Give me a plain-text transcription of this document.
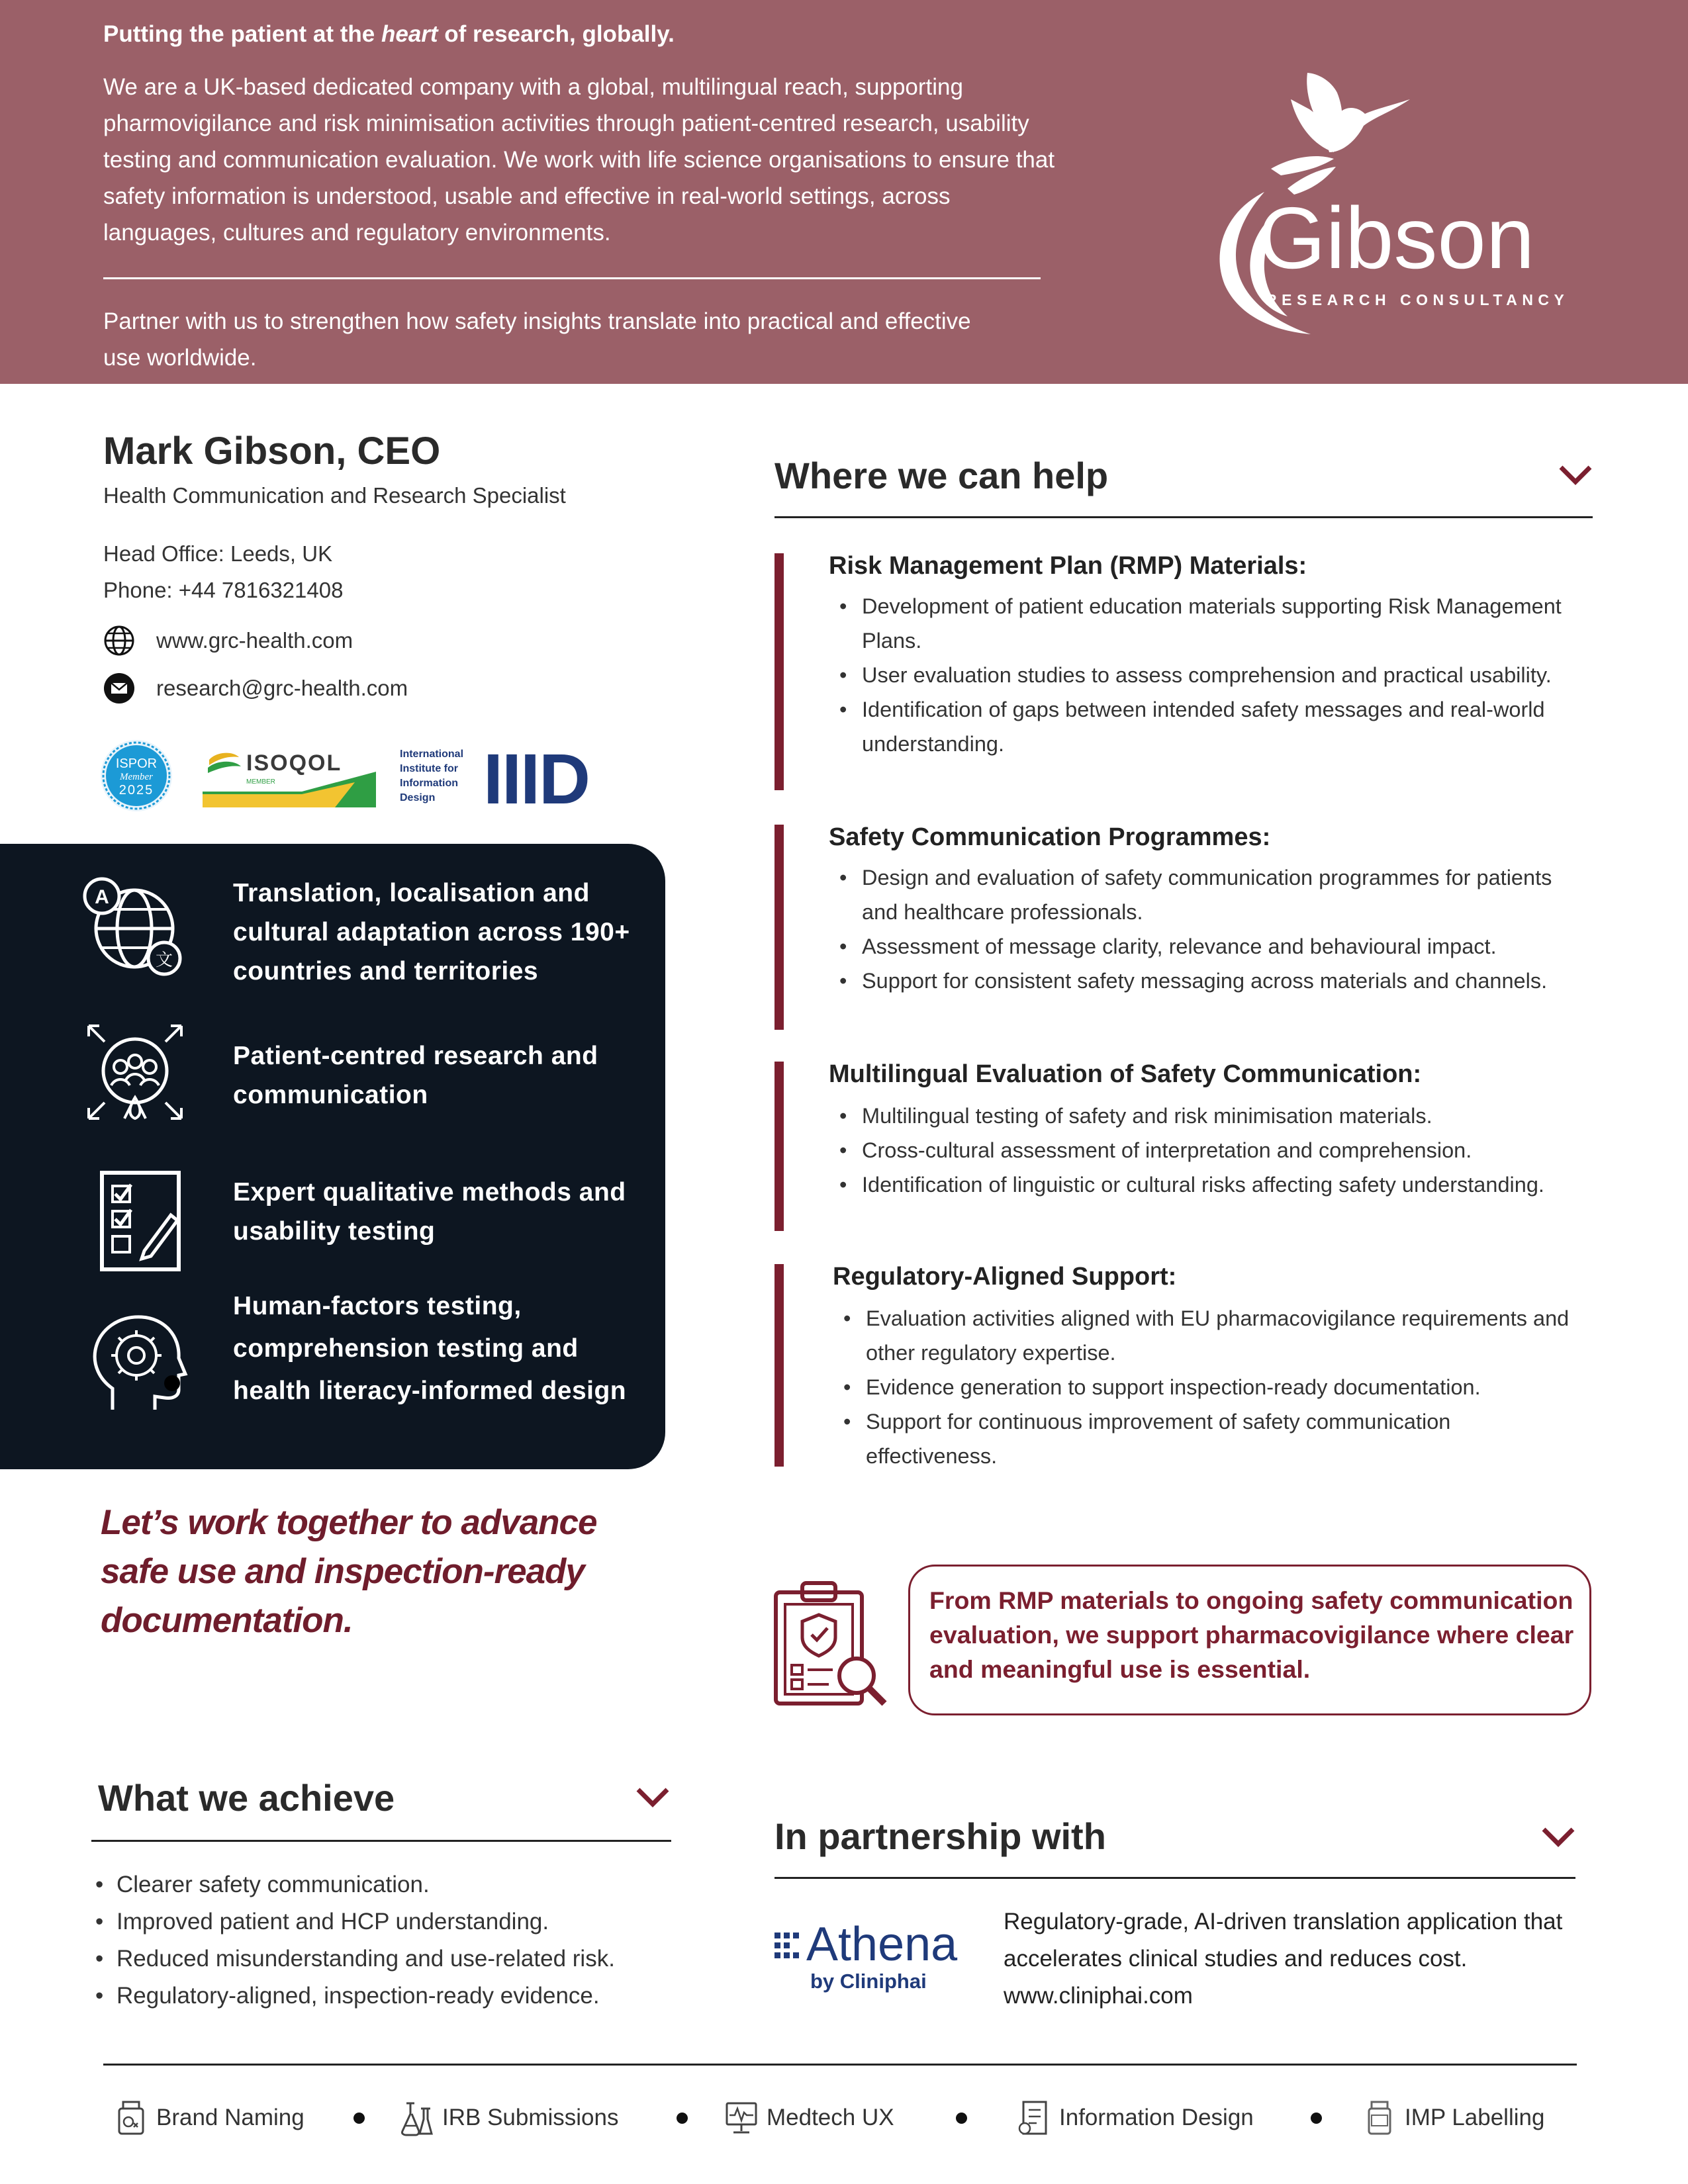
Putting the patient at the heart of research, globally.
We are a UK-based dedicated company with a global, multilingual reach, supporting pharmovigilance and risk minimisation activities through patient-centred research, usability testing and communication evaluation. We work with life science organisations to ensure that safety information is understood, usable and effective in real-world settings, across languages, cultures and regulatory environments.
Partner with us to strengthen how safety insights translate into practical and effective use worldwide.
Gibson
RESEARCH CONSULTANCY
Mark Gibson, CEO
Health Communication and Research Specialist
Head Office: Leeds, UK
Phone: +44 7816321408
www.grc-health.com
research@grc-health.com
ISPOR
Member
2025
ISOQOL
MEMBER
International
Institute for
Information
Design IIID
A
文
Translation, localisation and cultural adaptation across 190+ countries and territories
Patient-centred research and communication
Expert qualitative methods and usability testing
Human-factors testing, comprehension testing and health literacy-informed design
Let’s work together to advance safe use and inspection-ready documentation.
What we achieve
• Clearer safety communication.
• Improved patient and HCP understanding.
• Reduced misunderstanding and use-related risk.
• Regulatory-aligned, inspection-ready evidence.
Where we can help
Risk Management Plan (RMP) Materials:
• Development of patient education materials supporting Risk Management Plans.
• User evaluation studies to assess comprehension and practical usability.
• Identification of gaps between intended safety messages and real-world understanding.
Safety Communication Programmes:
• Design and evaluation of safety communication programmes for patients and healthcare professionals.
• Assessment of message clarity, relevance and behavioural impact.
• Support for consistent safety messaging across materials and channels.
Multilingual Evaluation of Safety Communication:
• Multilingual testing of safety and risk minimisation materials.
• Cross-cultural assessment of interpretation and comprehension.
• Identification of linguistic or cultural risks affecting safety understanding.
Regulatory-Aligned Support:
• Evaluation activities aligned with EU pharmacovigilance requirements and other regulatory expertise.
• Evidence generation to support inspection-ready documentation.
• Support for continuous improvement of safety communication effectiveness.
From RMP materials to ongoing safety communication evaluation, we support pharmacovigilance where clear and meaningful use is essential.
In partnership with
Athena
by Cliniphai
Regulatory-grade, AI-driven translation application that accelerates clinical studies and reduces cost.
www.cliniphai.com
Brand Naming	IRB Submissions	Medtech UX	Information Design	IMP Labelling
